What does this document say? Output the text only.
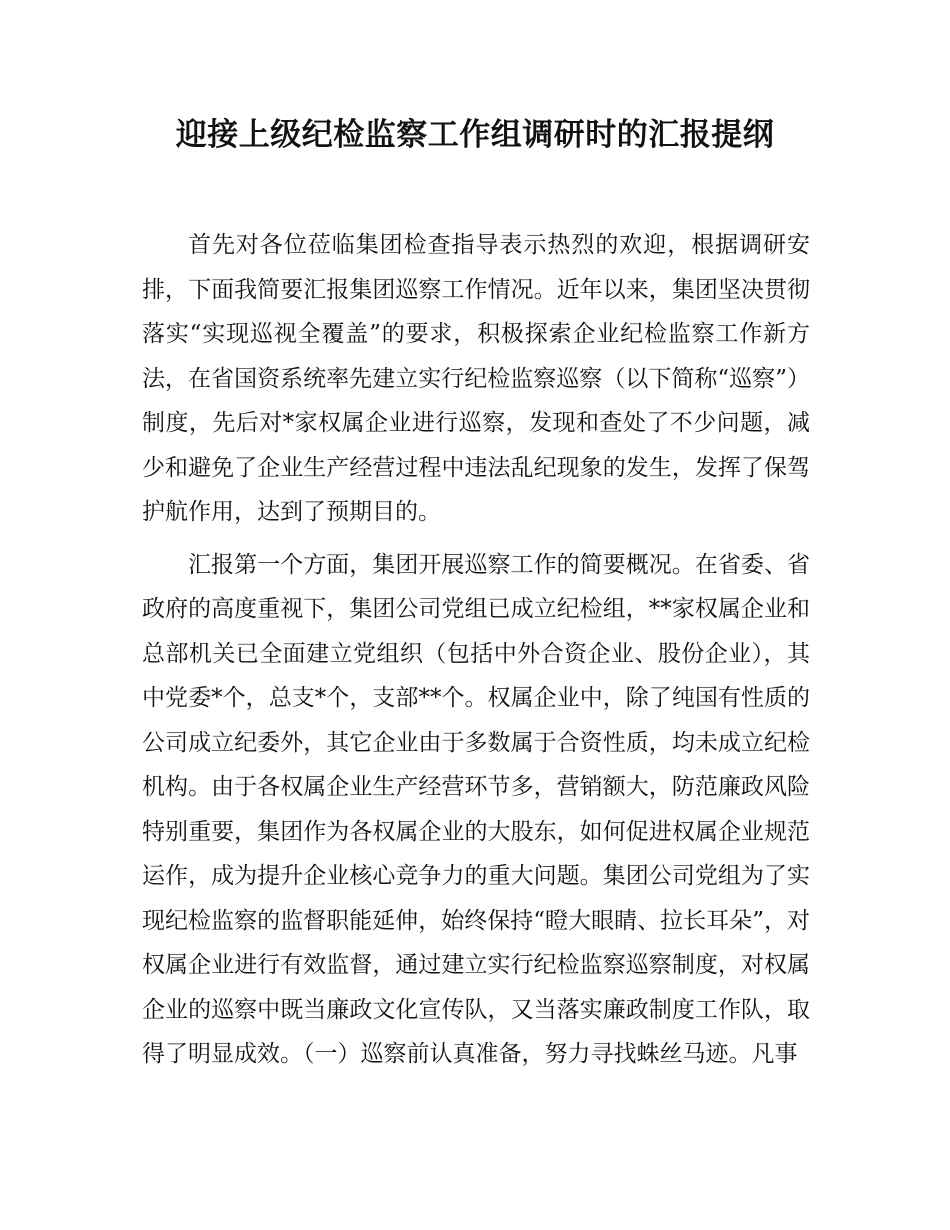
迎接上级纪检监察工作组调研时的汇报提纲

首先对各位莅临集团检查指导表示热烈的欢迎，根据调研安排，下面我简要汇报集团巡察工作情况。近年以来，集团坚决贯彻落实“实现巡视全覆盖”的要求，积极探索企业纪检监察工作新方法，在省国资系统率先建立实行纪检监察巡察（以下简称“巡察”）制度，先后对*家权属企业进行巡察，发现和查处了不少问题，减少和避免了企业生产经营过程中违法乱纪现象的发生，发挥了保驾护航作用，达到了预期目的。

汇报第一个方面，集团开展巡察工作的简要概况。在省委、省政府的高度重视下，集团公司党组已成立纪检组，**家权属企业和总部机关已全面建立党组织（包括中外合资企业、股份企业），其中党委*个，总支*个，支部**个。权属企业中，除了纯国有性质的公司成立纪委外，其它企业由于多数属于合资性质，均未成立纪检机构。由于各权属企业生产经营环节多，营销额大，防范廉政风险特别重要，集团作为各权属企业的大股东，如何促进权属企业规范运作，成为提升企业核心竞争力的重大问题。集团公司党组为了实现纪检监察的监督职能延伸，始终保持“瞪大眼睛、拉长耳朵”，对权属企业进行有效监督，通过建立实行纪检监察巡察制度，对权属企业的巡察中既当廉政文化宣传队，又当落实廉政制度工作队，取得了明显成效。（一）巡察前认真准备，努力寻找蛛丝马迹。凡事
